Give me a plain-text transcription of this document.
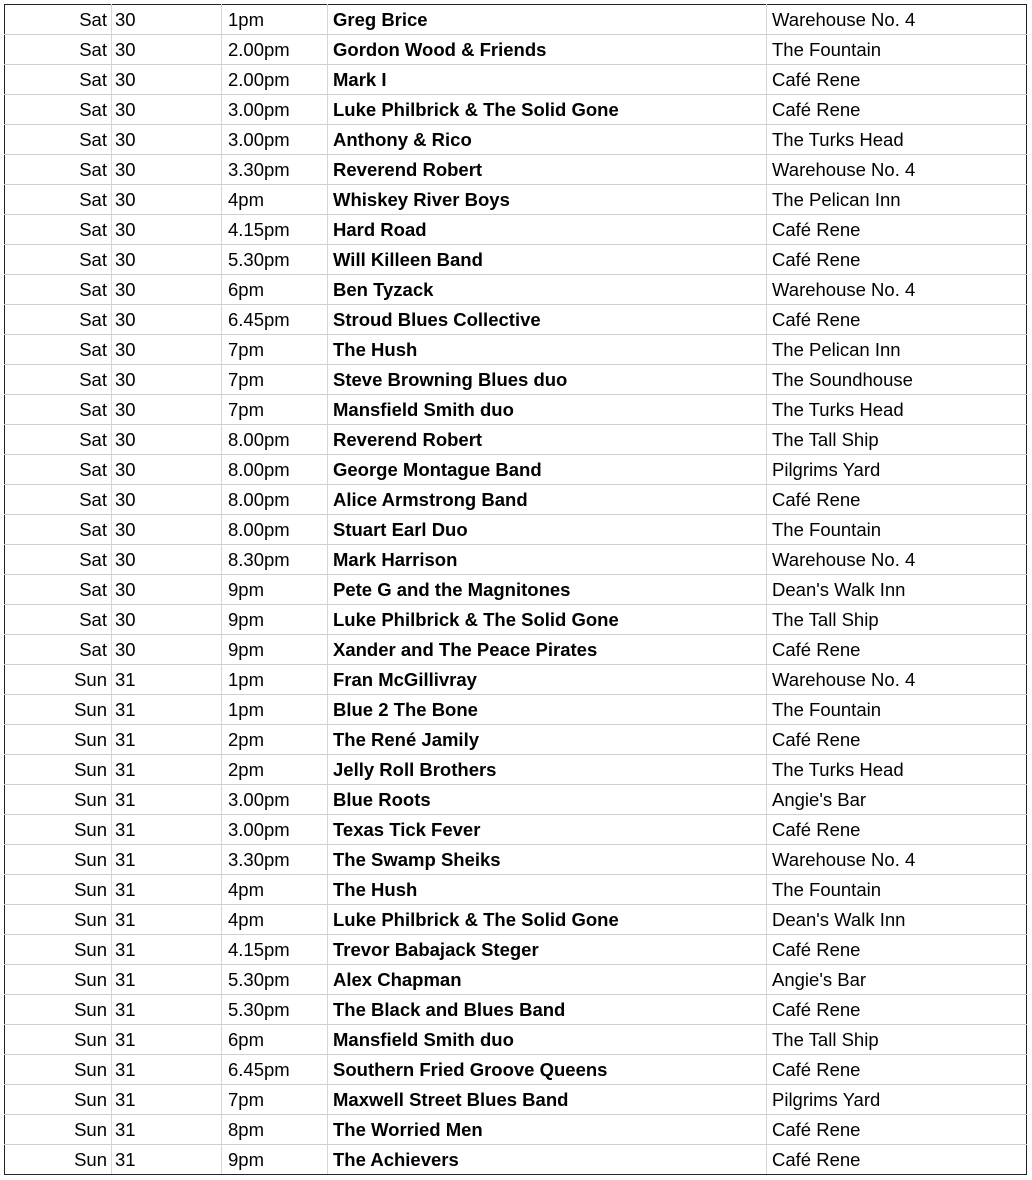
Sat	30	1pm	Greg Brice	Warehouse No. 4
Sat	30	2.00pm	Gordon Wood & Friends	The Fountain
Sat	30	2.00pm	Mark I	Café Rene
Sat	30	3.00pm	Luke Philbrick & The Solid Gone	Café Rene
Sat	30	3.00pm	Anthony & Rico	The Turks Head
Sat	30	3.30pm	Reverend Robert	Warehouse No. 4
Sat	30	4pm	Whiskey River Boys	The Pelican Inn
Sat	30	4.15pm	Hard Road	Café Rene
Sat	30	5.30pm	Will Killeen Band	Café Rene
Sat	30	6pm	Ben Tyzack	Warehouse No. 4
Sat	30	6.45pm	Stroud Blues Collective	Café Rene
Sat	30	7pm	The Hush	The Pelican Inn
Sat	30	7pm	Steve Browning Blues duo	The Soundhouse
Sat	30	7pm	Mansfield Smith duo	The Turks Head
Sat	30	8.00pm	Reverend Robert	The Tall Ship
Sat	30	8.00pm	George Montague Band	Pilgrims Yard
Sat	30	8.00pm	Alice Armstrong Band	Café Rene
Sat	30	8.00pm	Stuart Earl Duo	The Fountain
Sat	30	8.30pm	Mark Harrison	Warehouse No. 4
Sat	30	9pm	Pete G and the Magnitones	Dean's Walk Inn
Sat	30	9pm	Luke Philbrick & The Solid Gone	The Tall Ship
Sat	30	9pm	Xander and The Peace Pirates	Café Rene
Sun	31	1pm	Fran McGillivray	Warehouse No. 4
Sun	31	1pm	Blue 2 The Bone	The Fountain
Sun	31	2pm	The René Jamily	Café Rene
Sun	31	2pm	Jelly Roll Brothers	The Turks Head
Sun	31	3.00pm	Blue Roots	Angie's Bar
Sun	31	3.00pm	Texas Tick Fever	Café Rene
Sun	31	3.30pm	The Swamp Sheiks	Warehouse No. 4
Sun	31	4pm	The Hush	The Fountain
Sun	31	4pm	Luke Philbrick & The Solid Gone	Dean's Walk Inn
Sun	31	4.15pm	Trevor Babajack Steger	Café Rene
Sun	31	5.30pm	Alex Chapman	Angie's Bar
Sun	31	5.30pm	The Black and Blues Band	Café Rene
Sun	31	6pm	Mansfield Smith duo	The Tall Ship
Sun	31	6.45pm	Southern Fried Groove Queens	Café Rene
Sun	31	7pm	Maxwell Street Blues Band	Pilgrims Yard
Sun	31	8pm	The Worried Men	Café Rene
Sun	31	9pm	The Achievers	Café Rene
